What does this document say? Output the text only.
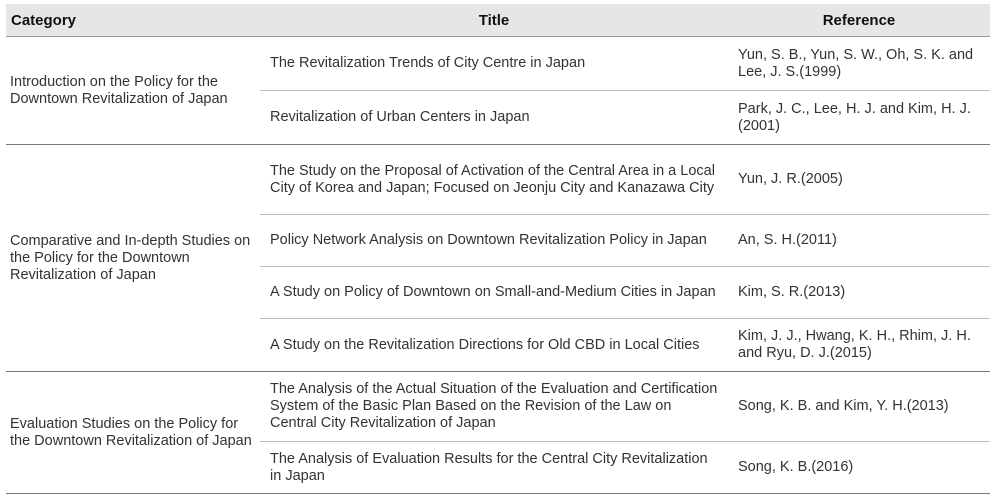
Category	Title	Reference
Introduction on the Policy for the Downtown Revitalization of Japan	The Revitalization Trends of City Centre in Japan	Yun, S. B., Yun, S. W., Oh, S. K. and Lee, J. S.(1999)
	Revitalization of Urban Centers in Japan	Park, J. C., Lee, H. J. and Kim, H. J.(2001)
Comparative and In-depth Studies on the Policy for the Downtown Revitalization of Japan	The Study on the Proposal of Activation of the Central Area in a Local City of Korea and Japan; Focused on Jeonju City and Kanazawa City	Yun, J. R.(2005)
	Policy Network Analysis on Downtown Revitalization Policy in Japan	An, S. H.(2011)
	A Study on Policy of Downtown on Small-and-Medium Cities in Japan	Kim, S. R.(2013)
	A Study on the Revitalization Directions for Old CBD in Local Cities	Kim, J. J., Hwang, K. H., Rhim, J. H. and Ryu, D. J.(2015)
Evaluation Studies on the Policy for the Downtown Revitalization of Japan	The Analysis of the Actual Situation of the Evaluation and Certification System of the Basic Plan Based on the Revision of the Law on Central City Revitalization of Japan	Song, K. B. and Kim, Y. H.(2013)
	The Analysis of Evaluation Results for the Central City Revitalization in Japan	Song, K. B.(2016)
